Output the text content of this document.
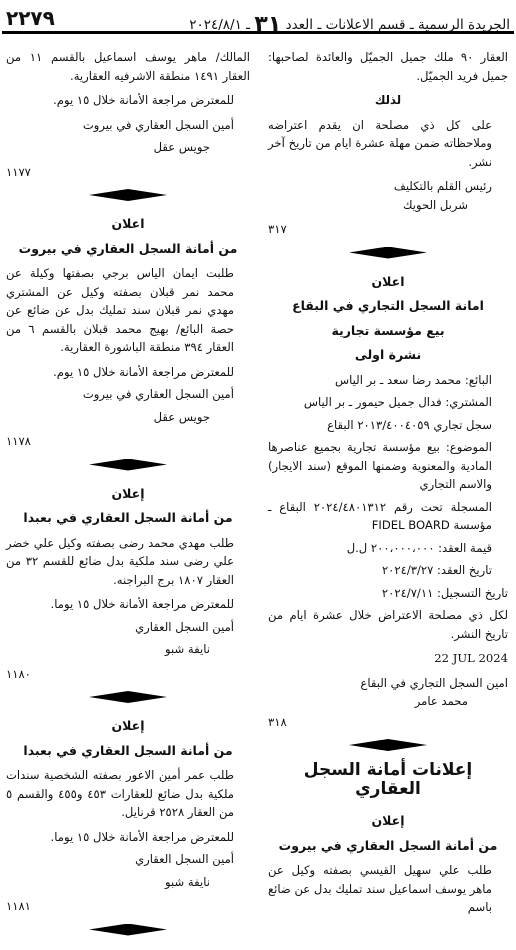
الجريدة الرسمية ـ قسم الاعلانات ـ العدد ٣١ ـ ٢٠٢٤/٨/١
٢٢٧٩

العقار ٩٠ ملك جميل الجميّل والعائدة لصاحبها: جميل فريد الجميّل.

لذلك

على كل ذي مصلحة ان يقدم اعتراضه وملاحظاته ضمن مهلة عشرة ايام من تاريخ آخر نشر.

رئيس القلم بالتكليف

شربل الحويك

٣١٧
اعلان
امانة السجل التجاري في البقاع
بيع مؤسسة تجارية
نشرة اولى

البائع: محمد رضا سعد ـ بر الياس

المشتري: فدال جميل حيمور ـ بر الياس

سجل تجاري ٢٠١٣/٤٠٠٤٠٥٩ البقاع

الموضوع: بيع مؤسسة تجارية بجميع عناصرها المادية والمعنوية وضمنها الموقع (سند الايجار) والاسم التجاري

المسجلة تحت رقم ٢٠٢٤/٤٨٠١٣١٢ البقاع ـ مؤسسة FIDEL BOARD

قيمة العقد: ٢٠٠،٠٠٠،٠٠٠ ل.ل

تاريخ العقد: ٢٠٢٤/٣/٢٧

تاريخ التسجيل: ٢٠٢٤/٧/١١

لكل ذي مصلحة الاعتراض خلال عشرة ايام من تاريخ النشر.

22 JUL 2024

امين السجل التجاري في البقاع

محمد عامر

٣١٨
إعلانات أمانة السجل العقاري
إعلان
من أمانة السجل العقاري في بيروت

طلب علي سهيل القيسي بصفته وكيل عن ماهر يوسف اسماعيل سند تمليك بدل عن ضائع باسم

المالك/ ماهر يوسف اسماعيل بالقسم ١١ من العقار ١٤٩١ منطقة الاشرفيه العقارية.

للمعترض مراجعة الأمانة خلال ١٥ يوم.

أمين السجل العقاري في بيروت

جويس عقل

١١٧٧
اعلان
من أمانة السجل العقاري في بيروت

طلبت ايمان الياس برجي بصفتها وكيلة عن محمد نمر قبلان بصفته وكيل عن المشتري مهدي نمر قبلان سند تمليك بدل عن ضائع عن حصة البائع/ بهيج محمد قبلان بالقسم ٦ من العقار ٣٩٤ منطقة الباشورة العقارية.

للمعترض مراجعة الأمانة خلال ١٥ يوم.

أمين السجل العقاري في بيروت

جويس عقل

١١٧٨
إعلان
من أمانة السجل العقاري في بعبدا

طلب مهدي محمد رضى بصفته وكيل علي خضر علي رضى سند ملكية بدل ضائع للقسم ٣٢ من العقار ١٨٠٧ برج البراجنه.

للمعترض مراجعة الأمانة خلال ١٥ يوما.

أمين السجل العقاري

نايفة شبو

١١٨٠
إعلان
من أمانة السجل العقاري في بعبدا

طلب عمر أمين الاعور بصفته الشخصية سندات ملكية بدل ضائع للعقارات ٤٥٣ و٤٥٥ والقسم ٥ من العقار ٢٥٢٨ قرنايل.

للمعترض مراجعة الأمانة خلال ١٥ يوما.

أمين السجل العقاري

نايفة شبو

١١٨١
